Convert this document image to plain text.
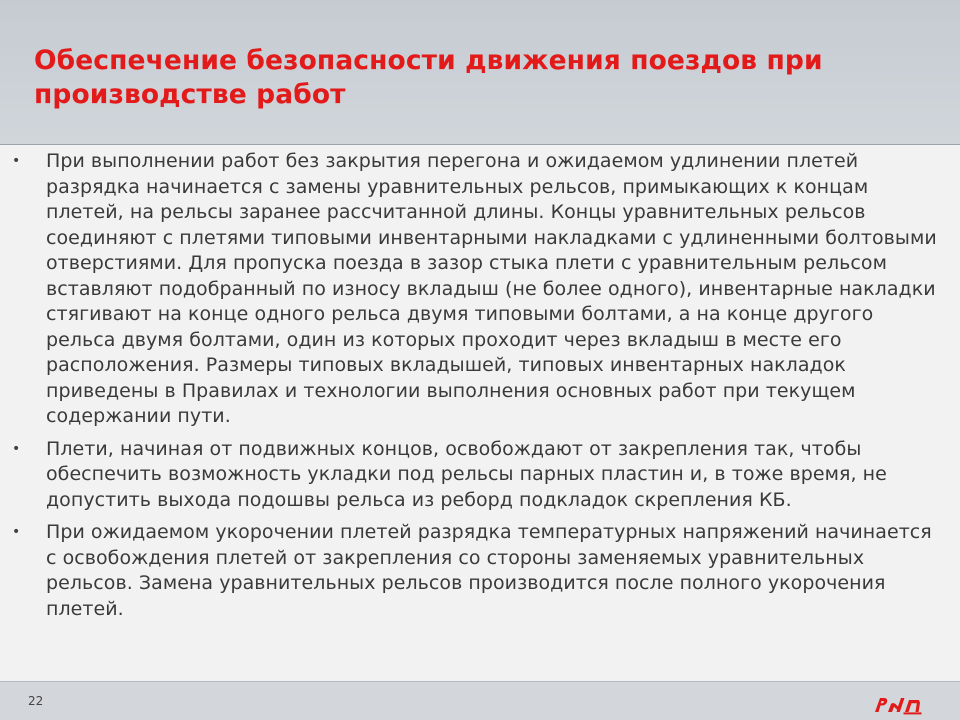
Обеспечение безопасности движения поездов при производстве работ
• При выполнении работ без закрытия перегона и ожидаемом удлинении плетей разрядка начинается с замены уравнительных рельсов, примыкающих к концам плетей, на рельсы заранее рассчитанной длины. Концы уравнительных рельсов соединяют с плетями типовыми инвентарными накладками с удлиненными болтовыми отверстиями. Для пропуска поезда в зазор стыка плети с уравнительным рельсом вставляют подобранный по износу вкладыш (не более одного), инвентарные накладки стягивают на конце одного рельса двумя типовыми болтами, а на конце другого рельса двумя болтами, один из которых проходит через вкладыш в месте его расположения. Размеры типовых вкладышей, типовых инвентарных накладок приведены в Правилах и технологии выполнения основных работ при текущем содержании пути.
• Плети, начиная от подвижных концов, освобождают от закрепления так, чтобы обеспечить возможность укладки под рельсы парных пластин и, в тоже время, не допустить выхода подошвы рельса из реборд подкладок скрепления КБ.
• При ожидаемом укорочении плетей разрядка температурных напряжений начинается с освобождения плетей от закрепления со стороны заменяемых уравнительных рельсов. Замена уравнительных рельсов производится после полного укорочения плетей.
22
